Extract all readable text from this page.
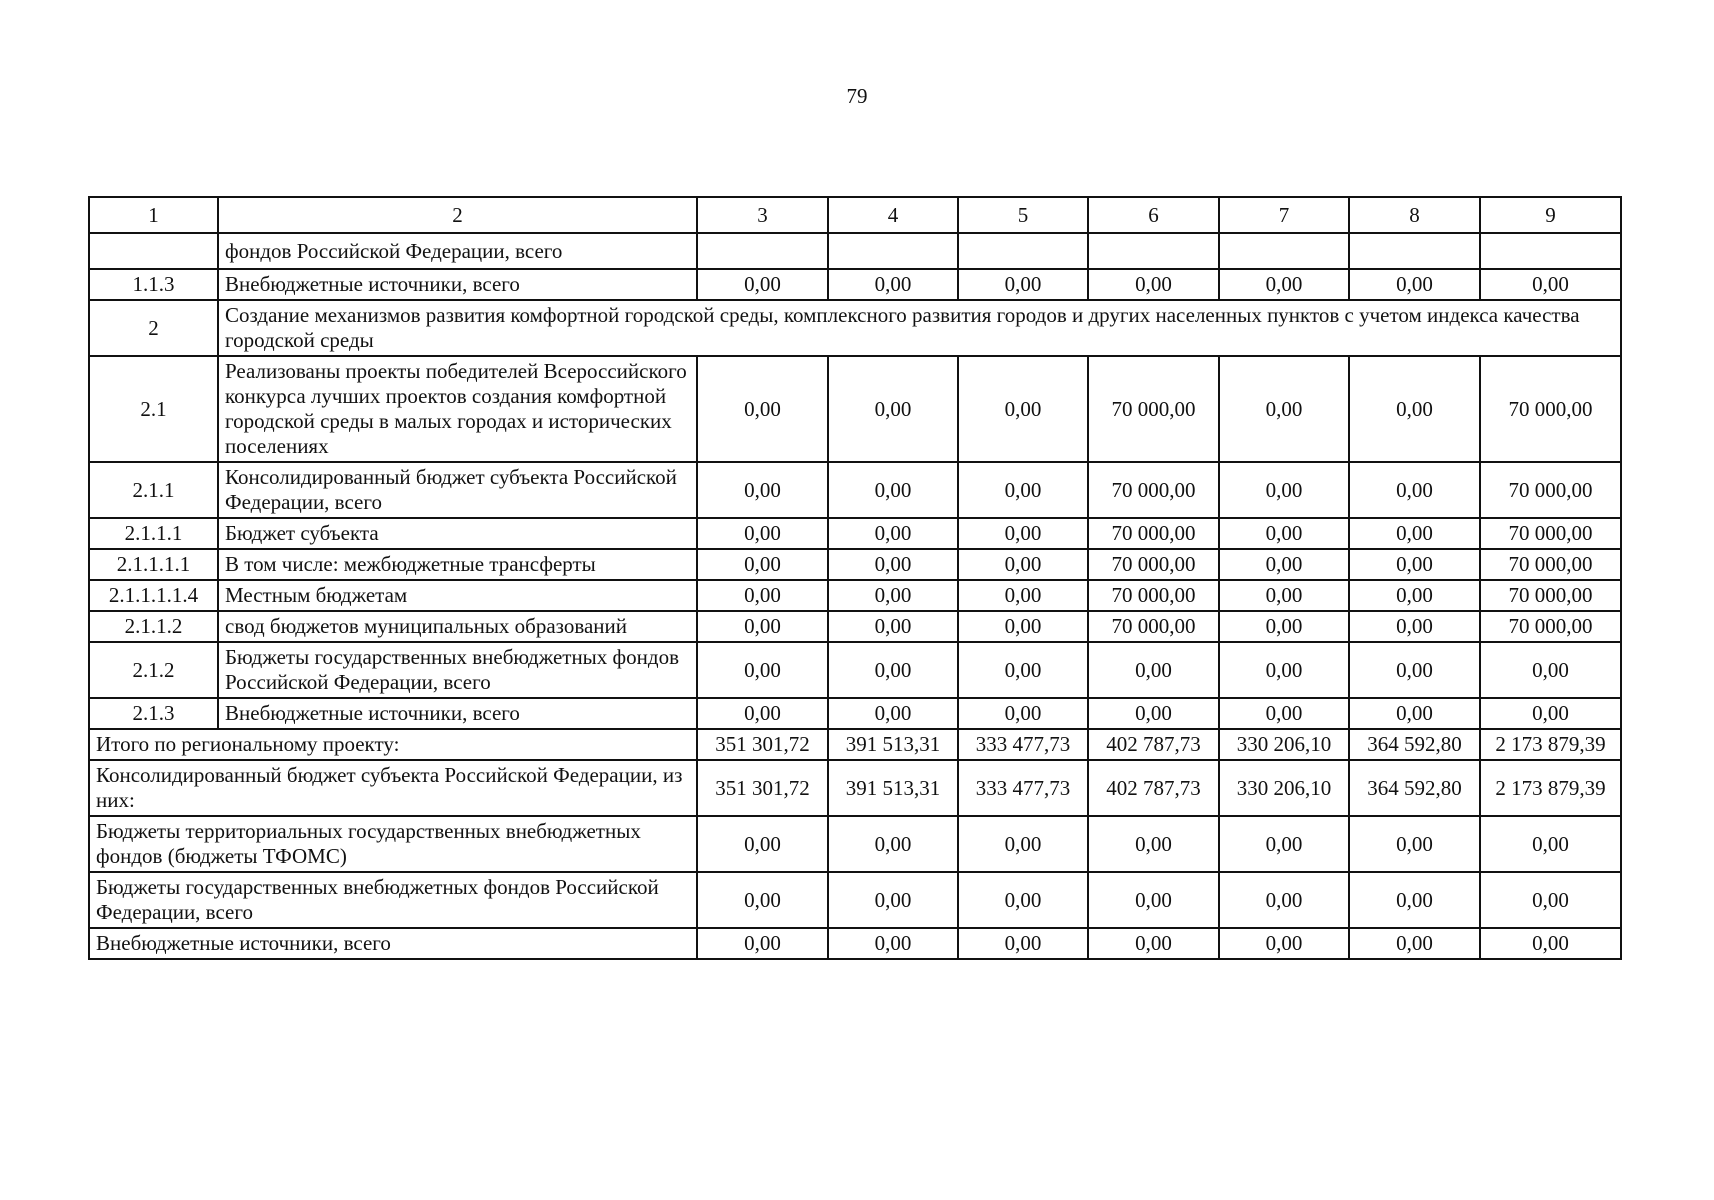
79
1	2	3	4	5	6	7	8	9
	фондов Российской Федерации, всего							
1.1.3	Внебюджетные источники, всего	0,00	0,00	0,00	0,00	0,00	0,00	0,00
2	Создание механизмов развития комфортной городской среды, комплексного развития городов и других населенных пунктов с учетом индекса качества городской среды							
2.1	Реализованы проекты победителей Всероссийского конкурса лучших проектов создания комфортной городской среды в малых городах и исторических поселениях	0,00	0,00	0,00	70 000,00	0,00	0,00	70 000,00
2.1.1	Консолидированный бюджет субъекта Российской Федерации, всего	0,00	0,00	0,00	70 000,00	0,00	0,00	70 000,00
2.1.1.1	Бюджет субъекта	0,00	0,00	0,00	70 000,00	0,00	0,00	70 000,00
2.1.1.1.1	В том числе: межбюджетные трансферты	0,00	0,00	0,00	70 000,00	0,00	0,00	70 000,00
2.1.1.1.1.4	Местным бюджетам	0,00	0,00	0,00	70 000,00	0,00	0,00	70 000,00
2.1.1.2	свод бюджетов муниципальных образований	0,00	0,00	0,00	70 000,00	0,00	0,00	70 000,00
2.1.2	Бюджеты государственных внебюджетных фондов Российской Федерации, всего	0,00	0,00	0,00	0,00	0,00	0,00	0,00
2.1.3	Внебюджетные источники, всего	0,00	0,00	0,00	0,00	0,00	0,00	0,00
Итого по региональному проекту:		351 301,72	391 513,31	333 477,73	402 787,73	330 206,10	364 592,80	2 173 879,39
Консолидированный бюджет субъекта Российской Федерации, из них:		351 301,72	391 513,31	333 477,73	402 787,73	330 206,10	364 592,80	2 173 879,39
Бюджеты территориальных государственных внебюджетных фондов (бюджеты ТФОМС)		0,00	0,00	0,00	0,00	0,00	0,00	0,00
Бюджеты государственных внебюджетных фондов Российской Федерации, всего		0,00	0,00	0,00	0,00	0,00	0,00	0,00
Внебюджетные источники, всего		0,00	0,00	0,00	0,00	0,00	0,00	0,00
